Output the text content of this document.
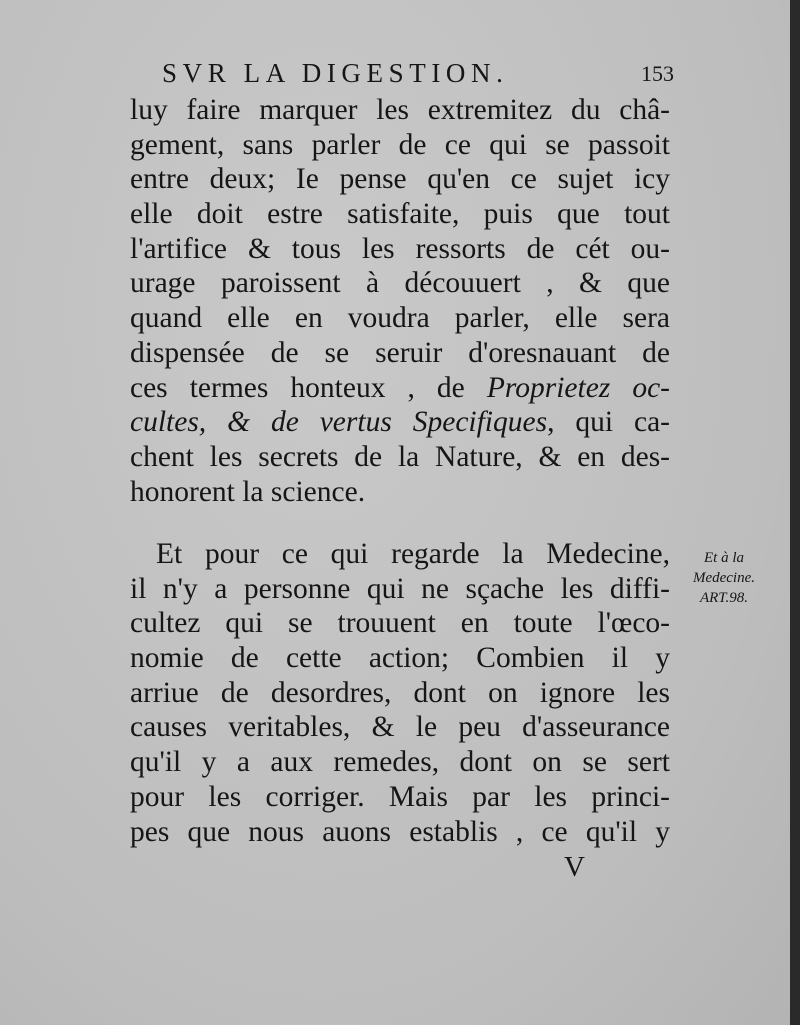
SVR LA DIGESTION.	153
luy faire marquer les extremitez du châ-
gement, sans parler de ce qui se passoit
entre deux; Ie pense qu'en ce sujet icy
elle doit estre satisfaite, puis que tout
l'artifice & tous les ressorts de cét ou-
urage paroissent à découuert , & que
quand elle en voudra parler, elle sera
dispensée de se seruir d'oresnauant de
ces termes honteux , de Proprietez oc-
cultes, & de vertus Specifiques, qui ca-
chent les secrets de la Nature, & en des-
honorent la science.
Et pour ce qui regarde la Medecine,
il n'y a personne qui ne sçache les diffi-
cultez qui se trouuent en toute l'œco-
nomie de cette action; Combien il y
arriue de desordres, dont on ignore les
causes veritables, & le peu d'asseurance
qu'il y a aux remedes, dont on se sert
pour les corriger. Mais par les princi-
pes que nous auons establis , ce qu'il y
Et à la
Medecine.
ART.98.
V
